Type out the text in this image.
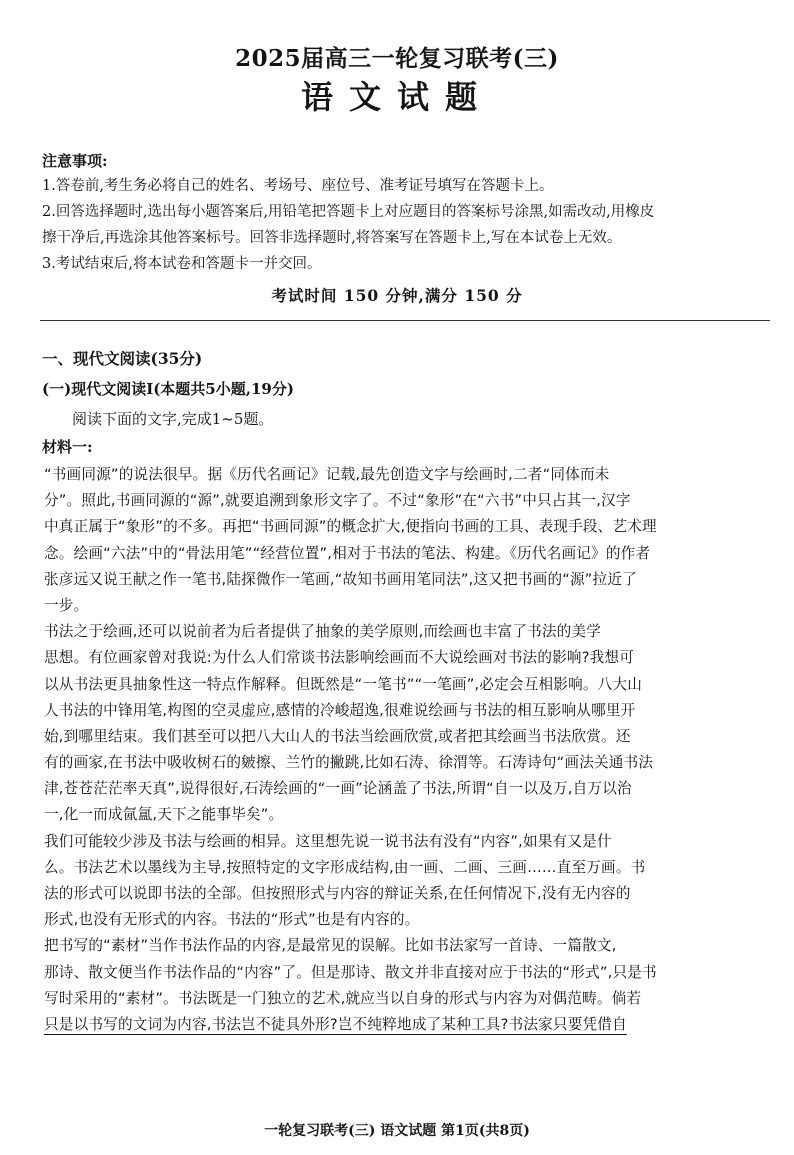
2025届高三一轮复习联考(三)
语文试题
注意事项:
1.答卷前,考生务必将自己的姓名、考场号、座位号、准考证号填写在答题卡上。
2.回答选择题时,选出每小题答案后,用铅笔把答题卡上对应题目的答案标号涂黑,如需改动,用橡皮
擦干净后,再选涂其他答案标号。回答非选择题时,将答案写在答题卡上,写在本试卷上无效。
3.考试结束后,将本试卷和答题卡一并交回。
考试时间 150 分钟,满分 150 分
一、现代文阅读(35分)
(一)现代文阅读Ⅰ(本题共5小题,19分)
阅读下面的文字,完成1~5题。
材料一:
“书画同源”的说法很早。据《历代名画记》记载,最先创造文字与绘画时,二者“同体而未
分”。照此,书画同源的“源”,就要追溯到象形文字了。不过“象形”在“六书”中只占其一,汉字
中真正属于“象形”的不多。再把“书画同源”的概念扩大,便指向书画的工具、表现手段、艺术理
念。绘画“六法”中的“骨法用笔”“经营位置”,相对于书法的笔法、构建。《历代名画记》的作者
张彦远又说王献之作一笔书,陆探微作一笔画,“故知书画用笔同法”,这又把书画的“源”拉近了
一步。
书法之于绘画,还可以说前者为后者提供了抽象的美学原则,而绘画也丰富了书法的美学
思想。有位画家曾对我说:为什么人们常谈书法影响绘画而不大说绘画对书法的影响?我想可
以从书法更具抽象性这一特点作解释。但既然是“一笔书”“一笔画”,必定会互相影响。八大山
人书法的中锋用笔,构图的空灵虚应,感情的冷峻超逸,很难说绘画与书法的相互影响从哪里开
始,到哪里结束。我们甚至可以把八大山人的书法当绘画欣赏,或者把其绘画当书法欣赏。还
有的画家,在书法中吸收树石的皴擦、兰竹的撇跳,比如石涛、徐渭等。石涛诗句“画法关通书法
津,苍苍茫茫率天真”,说得很好,石涛绘画的“一画”论涵盖了书法,所谓“自一以及万,自万以治
一,化一而成氤氲,天下之能事毕矣”。
我们可能较少涉及书法与绘画的相异。这里想先说一说书法有没有“内容”,如果有又是什
么。书法艺术以墨线为主导,按照特定的文字形成结构,由一画、二画、三画……直至万画。书
法的形式可以说即书法的全部。但按照形式与内容的辩证关系,在任何情况下,没有无内容的
形式,也没有无形式的内容。书法的“形式”也是有内容的。
把书写的“素材”当作书法作品的内容,是最常见的误解。比如书法家写一首诗、一篇散文,
那诗、散文便当作书法作品的“内容”了。但是那诗、散文并非直接对应于书法的“形式”,只是书
写时采用的“素材”。书法既是一门独立的艺术,就应当以自身的形式与内容为对偶范畴。倘若
只是以书写的文词为内容,书法岂不徒具外形?岂不纯粹地成了某种工具?书法家只要凭借自
一轮复习联考(三) 语文试题 第1页(共8页)
